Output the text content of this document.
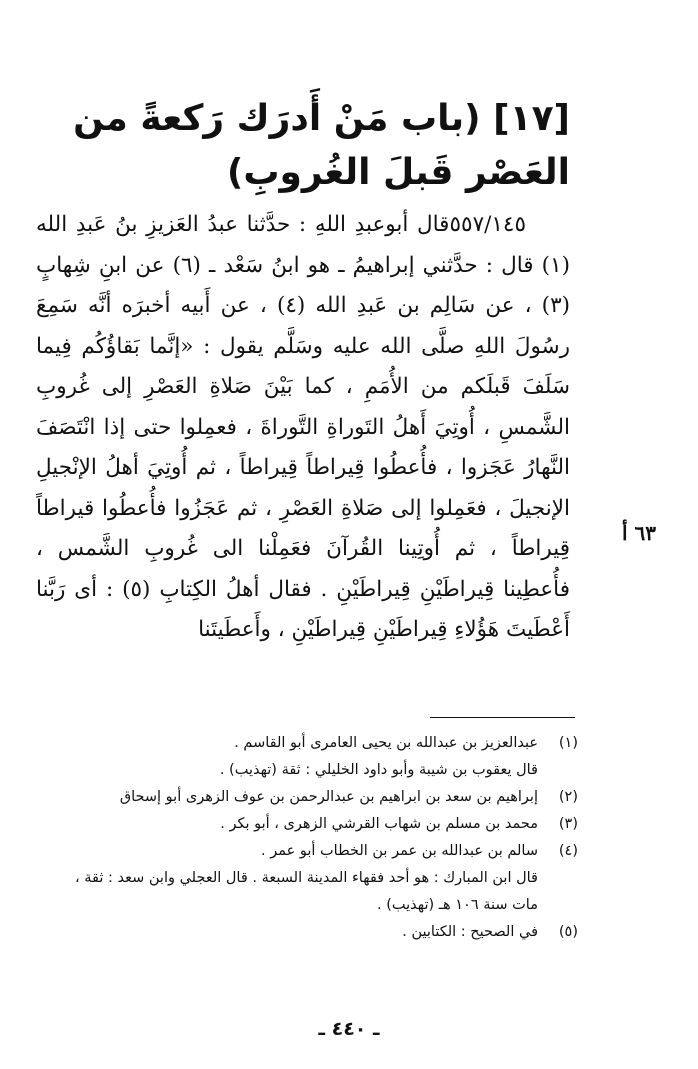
[١٧] (باب مَنْ أَدرَك رَكعةً من العَصْر قَبلَ الغُروبِ)

٥٥٧/١٤٥قال أبوعبدِ اللهِ : حدَّثنا عبدُ العَزيزِ بنُ عَبدِ الله (١) قال : حدَّثني إبراهيمُ ـ هو ابنُ سَعْد ـ (٦) عن ابنِ شِهابٍ (٣) ، عن سَالِم بن عَبدِ الله (٤) ، عن أَبيه أخبرَه أنَّه سَمِعَ رسُولَ اللهِ صلَّى الله عليه وسَلَّم يقول : «إنَّما بَقاؤُكُم فِيما سَلَفَ قَبلَكم من الأُمَمِ ، كما بَيْنَ صَلاةِ العَصْرِ إلى غُروبِ الشَّمسِ ، أُوتِيَ أَهلُ التَوراةِ التَّوراةَ ، فعمِلوا حتى إذا انْتَصَفَ النَّهارُ عَجَزوا ، فأُعطُوا قِيراطاً قِيراطاً ، ثم أُوتِيَ أهلُ الإنْجيلِ الإنجيلَ ، فعَمِلوا إلى صَلاةِ العَصْرِ ، ثم عَجَزُوا فأُعطُوا قيراطاً قِيراطاً ، ثم أُوتِينا القُرآنَ فعَمِلْنا الى غُروبِ الشَّمس ، فأُعطِينا قِيراطَيْنِ قِيراطَيْنِ . فقال أهلُ الكِتابِ (٥) : أى رَبَّنا أَعْطَيتَ هَؤُلاءِ قِيراطَيْنِ قِيراطَيْنِ ، وأَعطَيتَنا

٦٣ أ
(١)
عبدالعزيز بن عبدالله بن يحيى العامرى أبو القاسم .
قال يعقوب بن شيبة وأبو داود الخليلي : ثقة (تهذيب) .
(٢)
إبراهيم بن سعد بن ابراهيم بن عبدالرحمن بن عوف الزهرى أبو إسحاق
(٣)
محمد بن مسلم بن شهاب القرشي الزهرى ، أبو بكر .
(٤)
سالم بن عبدالله بن عمر بن الخطاب أبو عمر .
قال ابن المبارك : هو أحد فقهاء المدينة السبعة . قال العجلي وابن سعد : ثقة ،
مات سنة ١٠٦ هـ (تهذيب) .
(٥)
في الصحيح : الكتابين .
ـ ٤٤٠ ـ
